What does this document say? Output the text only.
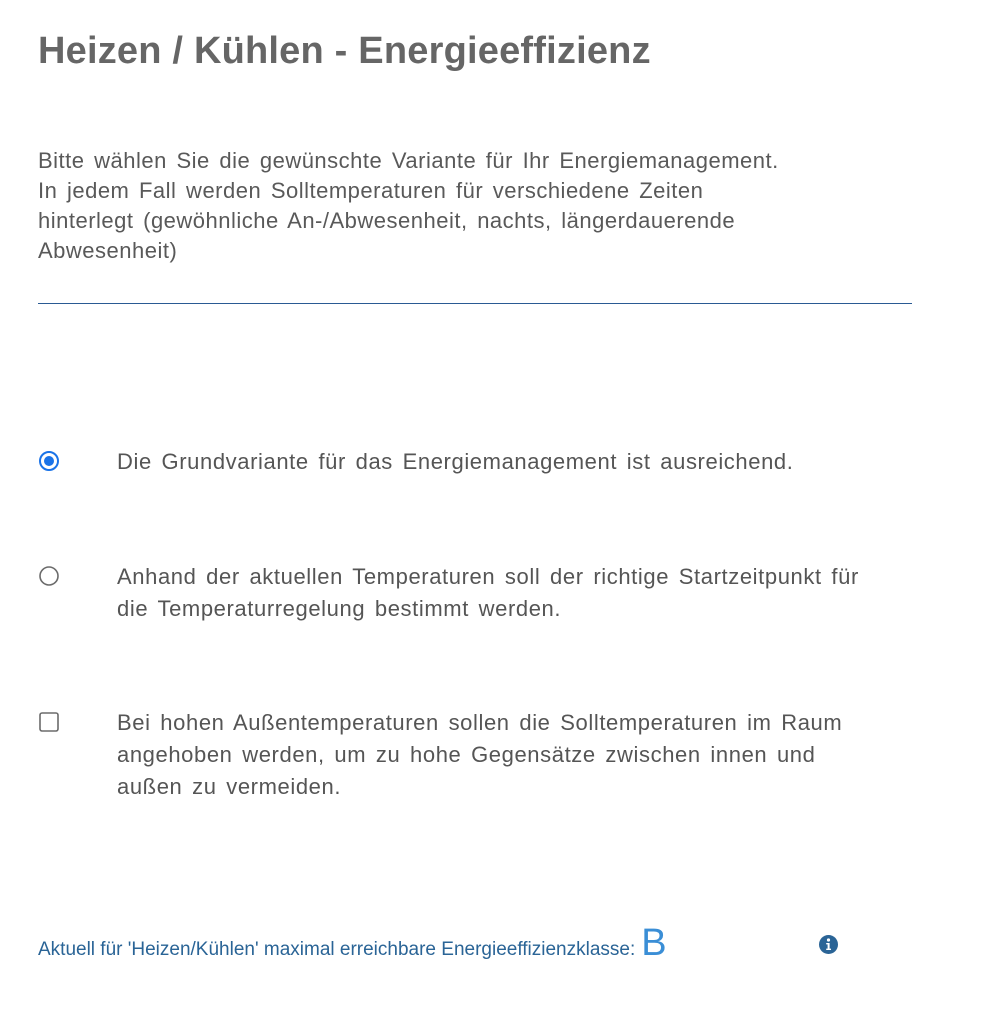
Heizen / Kühlen - Energieeffizienz
Bitte wählen Sie die gewünschte Variante für Ihr Energiemanagement.
In jedem Fall werden Solltemperaturen für verschiedene Zeiten
hinterlegt (gewöhnliche An-/Abwesenheit, nachts, längerdauerende
Abwesenheit)
Die Grundvariante für das Energiemanagement ist ausreichend.
Anhand der aktuellen Temperaturen soll der richtige Startzeitpunkt für
die Temperaturregelung bestimmt werden.
Bei hohen Außentemperaturen sollen die Solltemperaturen im Raum
angehoben werden, um zu hohe Gegensätze zwischen innen und
außen zu vermeiden.
Aktuell für 'Heizen/Kühlen' maximal erreichbare Energieeffizienzklasse: B
